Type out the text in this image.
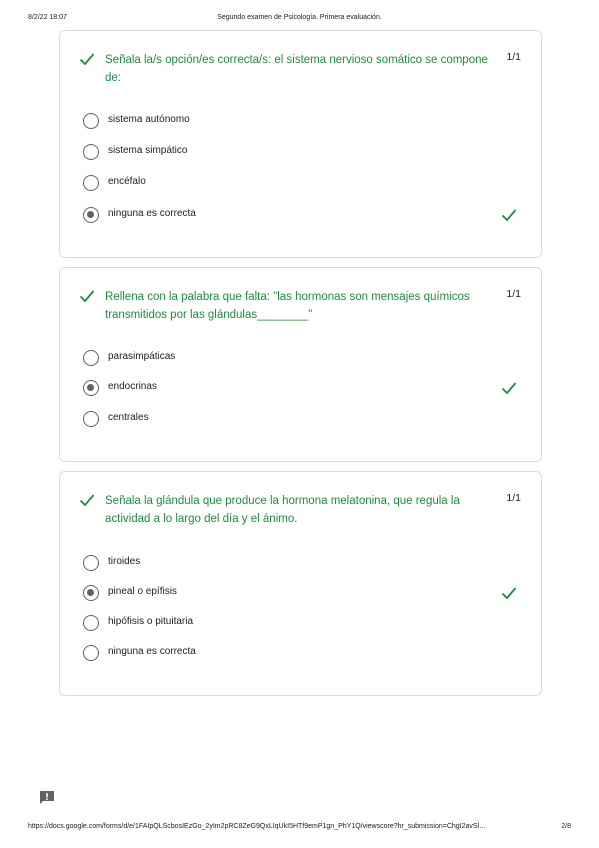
8/2/22 18:07	Segundo examen de Psicología. Primera evaluación.
Señala la/s opción/es correcta/s: el sistema nervioso somático se compone de:
1/1
sistema autónomo
sistema simpático
encéfalo
ninguna es correcta
Rellena con la palabra que falta: "las hormonas son mensajes químicos transmitidos por las glándulas________"
1/1
parasimpáticas
endocrinas
centrales
Señala la glándula que produce la hormona melatonina, que regula la actividad a lo largo del día y el ánimo.
1/1
tiroides
pineal o epífisis
hipófisis o pituitaria
ninguna es correcta
https://docs.google.com/forms/d/e/1FAIpQLScbosIEzGo_2yIm2pRC8ZeG9QxLIqUkI5HTf9emP1gn_PhY1Q/viewscore?hr_submission=ChgI2avSl…	2/8
